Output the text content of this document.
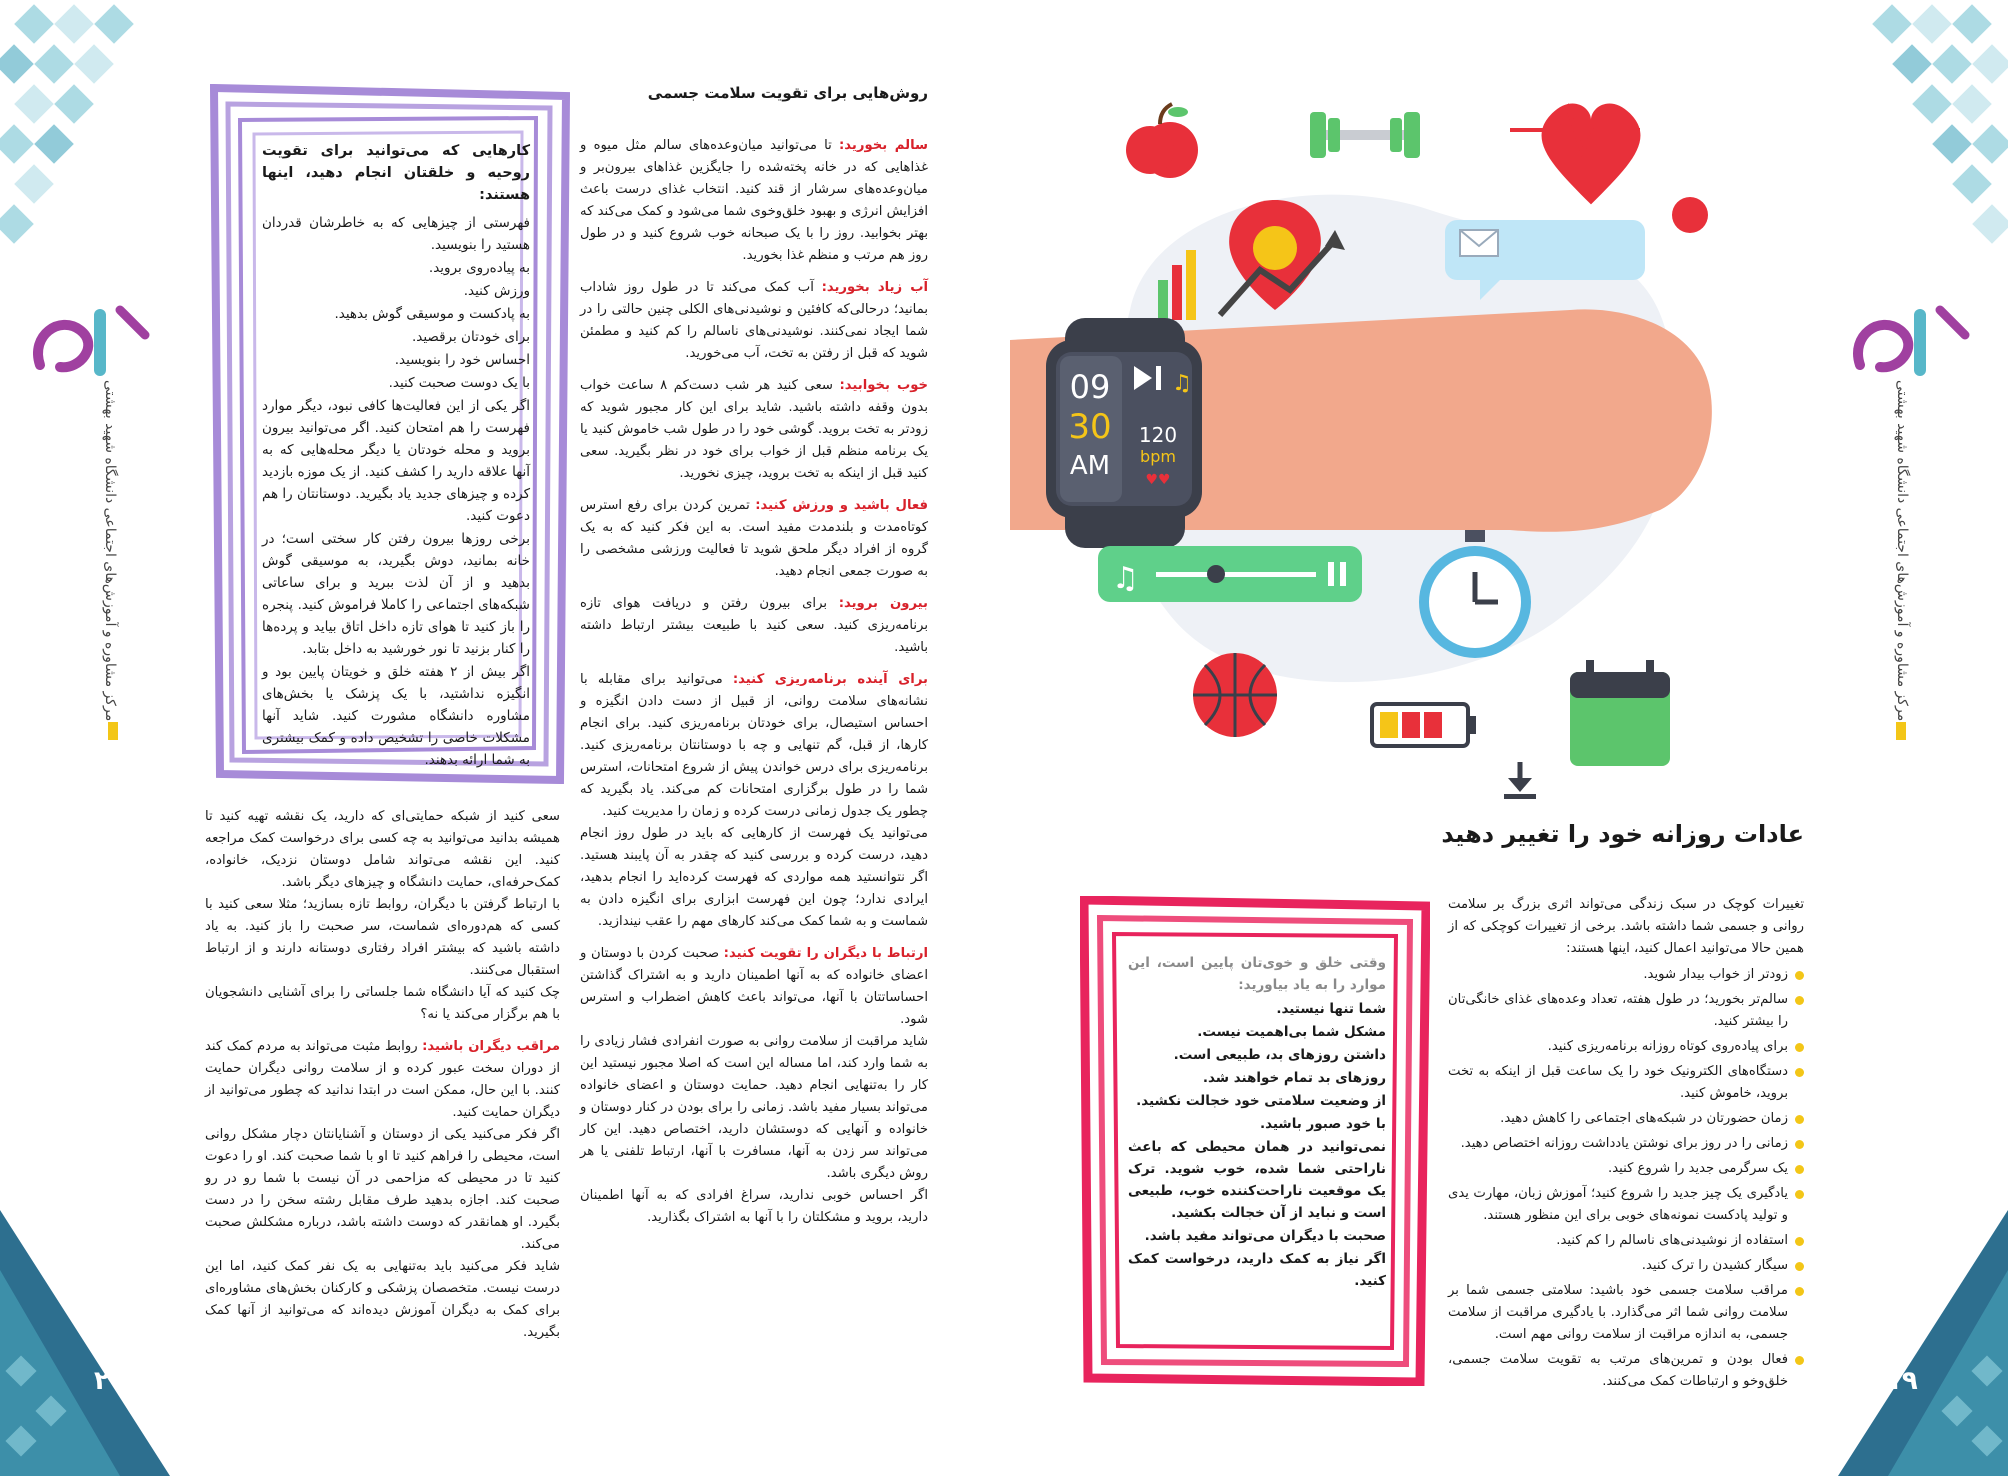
مرکز مشاوره و آموزش‌های اجتماعی دانشگاه شهید بهشتی	مرکز مشاوره و آموزش‌های اجتماعی دانشگاه شهید بهشتی
۲۰	۱۹
کارهایی که می‌توانید برای تقویت روحیه و خلقتان انجام دهید، اینها هستند:
فهرستی از چیزهایی که به خاطرشان قدردان هستید را بنویسید.
به پیاده‌روی بروید.
ورزش کنید.
به پادکست و موسیقی گوش بدهید.
برای خودتان برقصید.
احساس خود را بنویسید.
با یک دوست صحبت کنید.
اگر یکی از این فعالیت‌ها کافی نبود، دیگر موارد فهرست را هم امتحان کنید. اگر می‌توانید بیرون بروید و محله خودتان یا دیگر محله‌هایی که به آنها علاقه دارید را کشف کنید. از یک موزه بازدید کرده و چیزهای جدید یاد بگیرید. دوستانتان را هم دعوت کنید.
برخی روزها بیرون رفتن کار سختی است؛ در خانه بمانید، دوش بگیرید، به موسیقی گوش بدهید و از آن لذت ببرید و برای ساعاتی شبکه‌های اجتماعی را کاملا فراموش کنید. پنجره را باز کنید تا هوای تازه داخل اتاق بیاید و پرده‌ها را کنار بزنید تا نور خورشید به داخل بتابد.
اگر بیش از ۲ هفته خلق و خویتان پایین بود و انگیزه نداشتید، با یک پزشک یا بخش‌های مشاوره دانشگاه مشورت کنید. شاید آنها مشکلات خاصی را تشخیص داده و کمک بیشتری به شما ارائه بدهند.
روش‌هایی برای تقویت سلامت جسمی

سالم بخورید: تا می‌توانید میان‌وعده‌های سالم مثل میوه و غذاهایی که در خانه پخته‌شده را جایگزین غذاهای بیرون‌بر و میان‌وعده‌های سرشار از قند کنید. انتخاب غذای درست باعث افزایش انرژی و بهبود خلق‌وخوی شما می‌شود و کمک می‌کند که بهتر بخوابید. روز را با یک صبحانه خوب شروع کنید و در طول روز هم مرتب و منظم غذا بخورید.

آب زیاد بخورید: آب کمک می‌کند تا در طول روز شاداب بمانید؛ درحالی‌که کافئین و نوشیدنی‌های الکلی چنین حالتی را در شما ایجاد نمی‌کنند. نوشیدنی‌های ناسالم را کم کنید و مطمئن شوید که قبل از رفتن به تخت، آب می‌خورید.

خوب بخوابید: سعی کنید هر شب دست‌کم ۸ ساعت خواب بدون وقفه داشته باشید. شاید برای این کار مجبور شوید که زودتر به تخت بروید. گوشی خود را در طول شب خاموش کنید یا یک برنامه منظم قبل از خواب برای خود در نظر بگیرید. سعی کنید قبل از اینکه به تخت بروید، چیزی نخورید.

فعال باشید و ورزش کنید: تمرین کردن برای رفع استرس کوتاه‌مدت و بلندمدت مفید است. به این فکر کنید که به یک گروه از افراد دیگر ملحق شوید تا فعالیت ورزشی مشخصی را به صورت جمعی انجام دهید.

بیرون بروید: برای بیرون رفتن و دریافت هوای تازه برنامه‌ریزی کنید. سعی کنید با طبیعت بیشتر ارتباط داشته باشید.

برای آینده برنامه‌ریزی کنید: می‌توانید برای مقابله با نشانه‌های سلامت روانی، از قبیل از دست دادن انگیزه و احساس استیصال، برای خودتان برنامه‌ریزی کنید. برای انجام کارها، از قبل، گم تنهایی و چه با دوستانتان برنامه‌ریزی کنید. برنامه‌ریزی برای درس خواندن پیش از شروع امتحانات، استرس شما را در طول برگزاری امتحانات کم می‌کند. یاد بگیرید که چطور یک جدول زمانی درست کرده و زمان را مدیریت کنید.
می‌توانید یک فهرست از کارهایی که باید در طول روز انجام دهید، درست کرده و بررسی کنید که چقدر به آن پایبند هستید. اگر نتوانستید همه مواردی که فهرست کرده‌اید را انجام بدهید، ایرادی ندارد؛ چون این فهرست ابزاری برای انگیزه دادن به شماست و به شما کمک می‌کند کارهای مهم را عقب نیندازید.

ارتباط با دیگران را تقویت کنید: صحبت کردن با دوستان و اعضای خانواده که به آنها اطمینان دارید و به اشتراک گذاشتن احساساتتان با آنها، می‌تواند باعث کاهش اضطراب و استرس شود.
شاید مراقبت از سلامت روانی به صورت انفرادی فشار زیادی را به شما وارد کند، اما مساله این است که اصلا مجبور نیستید این کار را به‌تنهایی انجام دهید. حمایت دوستان و اعضای خانواده می‌تواند بسیار مفید باشد. زمانی را برای بودن در کنار دوستان و خانواده و آنهایی که دوستشان دارید، اختصاص دهید. این کار می‌تواند سر زدن به آنها، مسافرت با آنها، ارتباط تلفنی یا هر روش دیگری باشد.
اگر احساس خوبی ندارید، سراغ افرادی که به آنها اطمینان دارید، بروید و مشکلتان را با آنها به اشتراک بگذارید.

سعی کنید از شبکه حمایتی‌ای که دارید، یک نقشه تهیه کنید تا همیشه بدانید می‌توانید به چه کسی برای درخواست کمک مراجعه کنید. این نقشه می‌تواند شامل دوستان نزدیک، خانواده، کمک‌حرفه‌ای، حمایت دانشگاه و چیزهای دیگر باشد.
با ارتباط گرفتن با دیگران، روابط تازه بسازید؛ مثلا سعی کنید با کسی که هم‌دوره‌ای شماست، سر صحبت را باز کنید. به یاد داشته باشید که بیشتر افراد رفتاری دوستانه دارند و از ارتباط استقبال می‌کنند.
چک کنید که آیا دانشگاه شما جلساتی را برای آشنایی دانشجویان با هم برگزار می‌کند یا نه؟

مراقب دیگران باشید: روابط مثبت می‌تواند به مردم کمک کند از دوران سخت عبور کرده و از سلامت روانی دیگران حمایت کنند. با این حال، ممکن است در ابتدا ندانید که چطور می‌توانید از دیگران حمایت کنید.
اگر فکر می‌کنید یکی از دوستان و آشنایانتان دچار مشکل روانی است، محیطی را فراهم کنید تا او با شما صحبت کند. او را دعوت کنید تا در محیطی که مزاحمی در آن نیست با شما رو در رو صحبت کند. اجازه بدهید طرف مقابل رشته سخن را در دست بگیرد. او همانقدر که دوست داشته باشد، درباره مشکلش صحبت می‌کند.
شاید فکر می‌کنید باید به‌تنهایی به یک نفر کمک کنید، اما این درست نیست. متخصصان پزشکی و کارکنان بخش‌های مشاوره‌ای برای کمک به دیگران آموزش دیده‌اند که می‌توانید از آنها کمک بگیرید.

09
30
AM
♫
120
bpm
♥♥
♫
عادات روزانه خود را تغییر دهید

تغییرات کوچک در سبک زندگی می‌تواند اثری بزرگ بر سلامت روانی و جسمی شما داشته باشد. برخی از تغییرات کوچکی که از همین حالا می‌توانید اعمال کنید، اینها هستند:

زودتر از خواب بیدار شوید.
سالم‌تر بخورید؛ در طول هفته، تعداد وعده‌های غذای خانگی‌تان را بیشتر کنید.
برای پیاده‌روی کوتاه روزانه برنامه‌ریزی کنید.
دستگاه‌های الکترونیک خود را یک ساعت قبل از اینکه به تخت بروید، خاموش کنید.
زمان حضورتان در شبکه‌های اجتماعی را کاهش دهید.
زمانی را در روز برای نوشتن یادداشت روزانه اختصاص دهید.
یک سرگرمی جدید را شروع کنید.
یادگیری یک چیز جدید را شروع کنید؛ آموزش زبان، مهارت یدی و تولید پادکست نمونه‌های خوبی برای این منظور هستند.
استفاده از نوشیدنی‌های ناسالم را کم کنید.
سیگار کشیدن را ترک کنید.
مراقب سلامت جسمی خود باشید: سلامتی جسمی شما بر سلامت روانی شما اثر می‌گذارد. با یادگیری مراقبت از سلامت جسمی، به اندازه مراقبت از سلامت روانی مهم است.
فعال بودن و تمرین‌های مرتب به تقویت سلامت جسمی، خلق‌وخو و ارتباطات کمک می‌کنند.
وقتی خلق و خوی‌تان پایین است، این موارد را به یاد بیاورید:
شما تنها نیستید.
مشکل شما بی‌اهمیت نیست.
داشتن روزهای بد، طبیعی است.
روزهای بد تمام خواهند شد.
از وضعیت سلامتی خود خجالت نکشید.
با خود صبور باشید.
نمی‌توانید در همان محیطی که باعث ناراحتی شما شده، خوب شوید. ترک یک موقعیت ناراحت‌کننده خوب، طبیعی است و نباید از آن خجالت بکشید.
صحبت با دیگران می‌تواند مفید باشد.
اگر نیاز به کمک دارید، درخواست کمک کنید.
